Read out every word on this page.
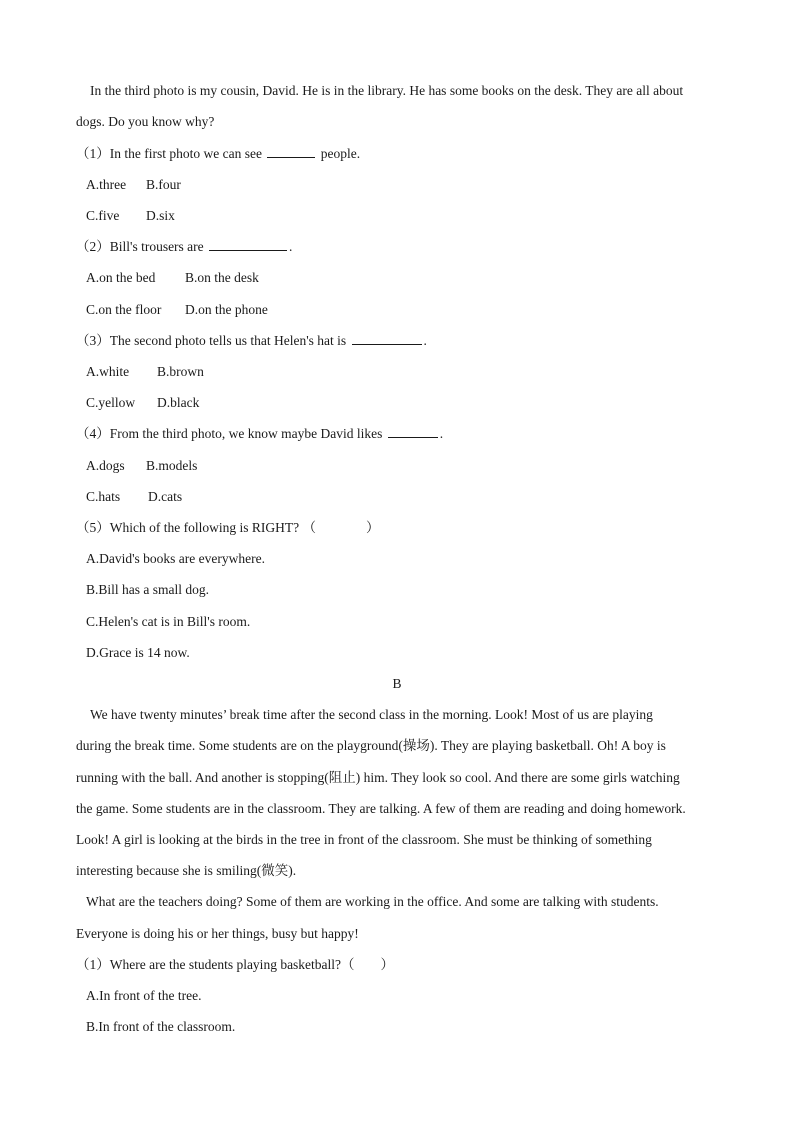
In the third photo is my cousin, David. He is in the library. He has some books on the desk. They are all about
dogs. Do you know why?
（1）In the first photo we can see	people.
A.three B.four
C.five D.six
（2）Bill's trousers are	.
A.on the bed B.on the desk
C.on the floor D.on the phone
（3）The second photo tells us that Helen's hat is	.
A.white B.brown
C.yellow D.black
（4）From the third photo, we know maybe David likes	.
A.dogs B.models
C.hats D.cats
（5）Which of the following is RIGHT? （	）
A.David's books are everywhere.
B.Bill has a small dog.
C.Helen's cat is in Bill's room.
D.Grace is 14 now.
B
We have twenty minutes’ break time after the second class in the morning. Look! Most of us are playing
during the break time. Some students are on the playground(操场). They are playing basketball. Oh! A boy is
running with the ball. And another is stopping(阻止) him. They look so cool. And there are some girls watching
the game. Some students are in the classroom. They are talking. A few of them are reading and doing homework.
Look! A girl is looking at the birds in the tree in front of the classroom. She must be thinking of something
interesting because she is smiling(微笑).
What are the teachers doing? Some of them are working in the office. And some are talking with students.
Everyone is doing his or her things, busy but happy!
（1）Where are the students playing basketball?（ ）
A.In front of the tree.
B.In front of the classroom.
